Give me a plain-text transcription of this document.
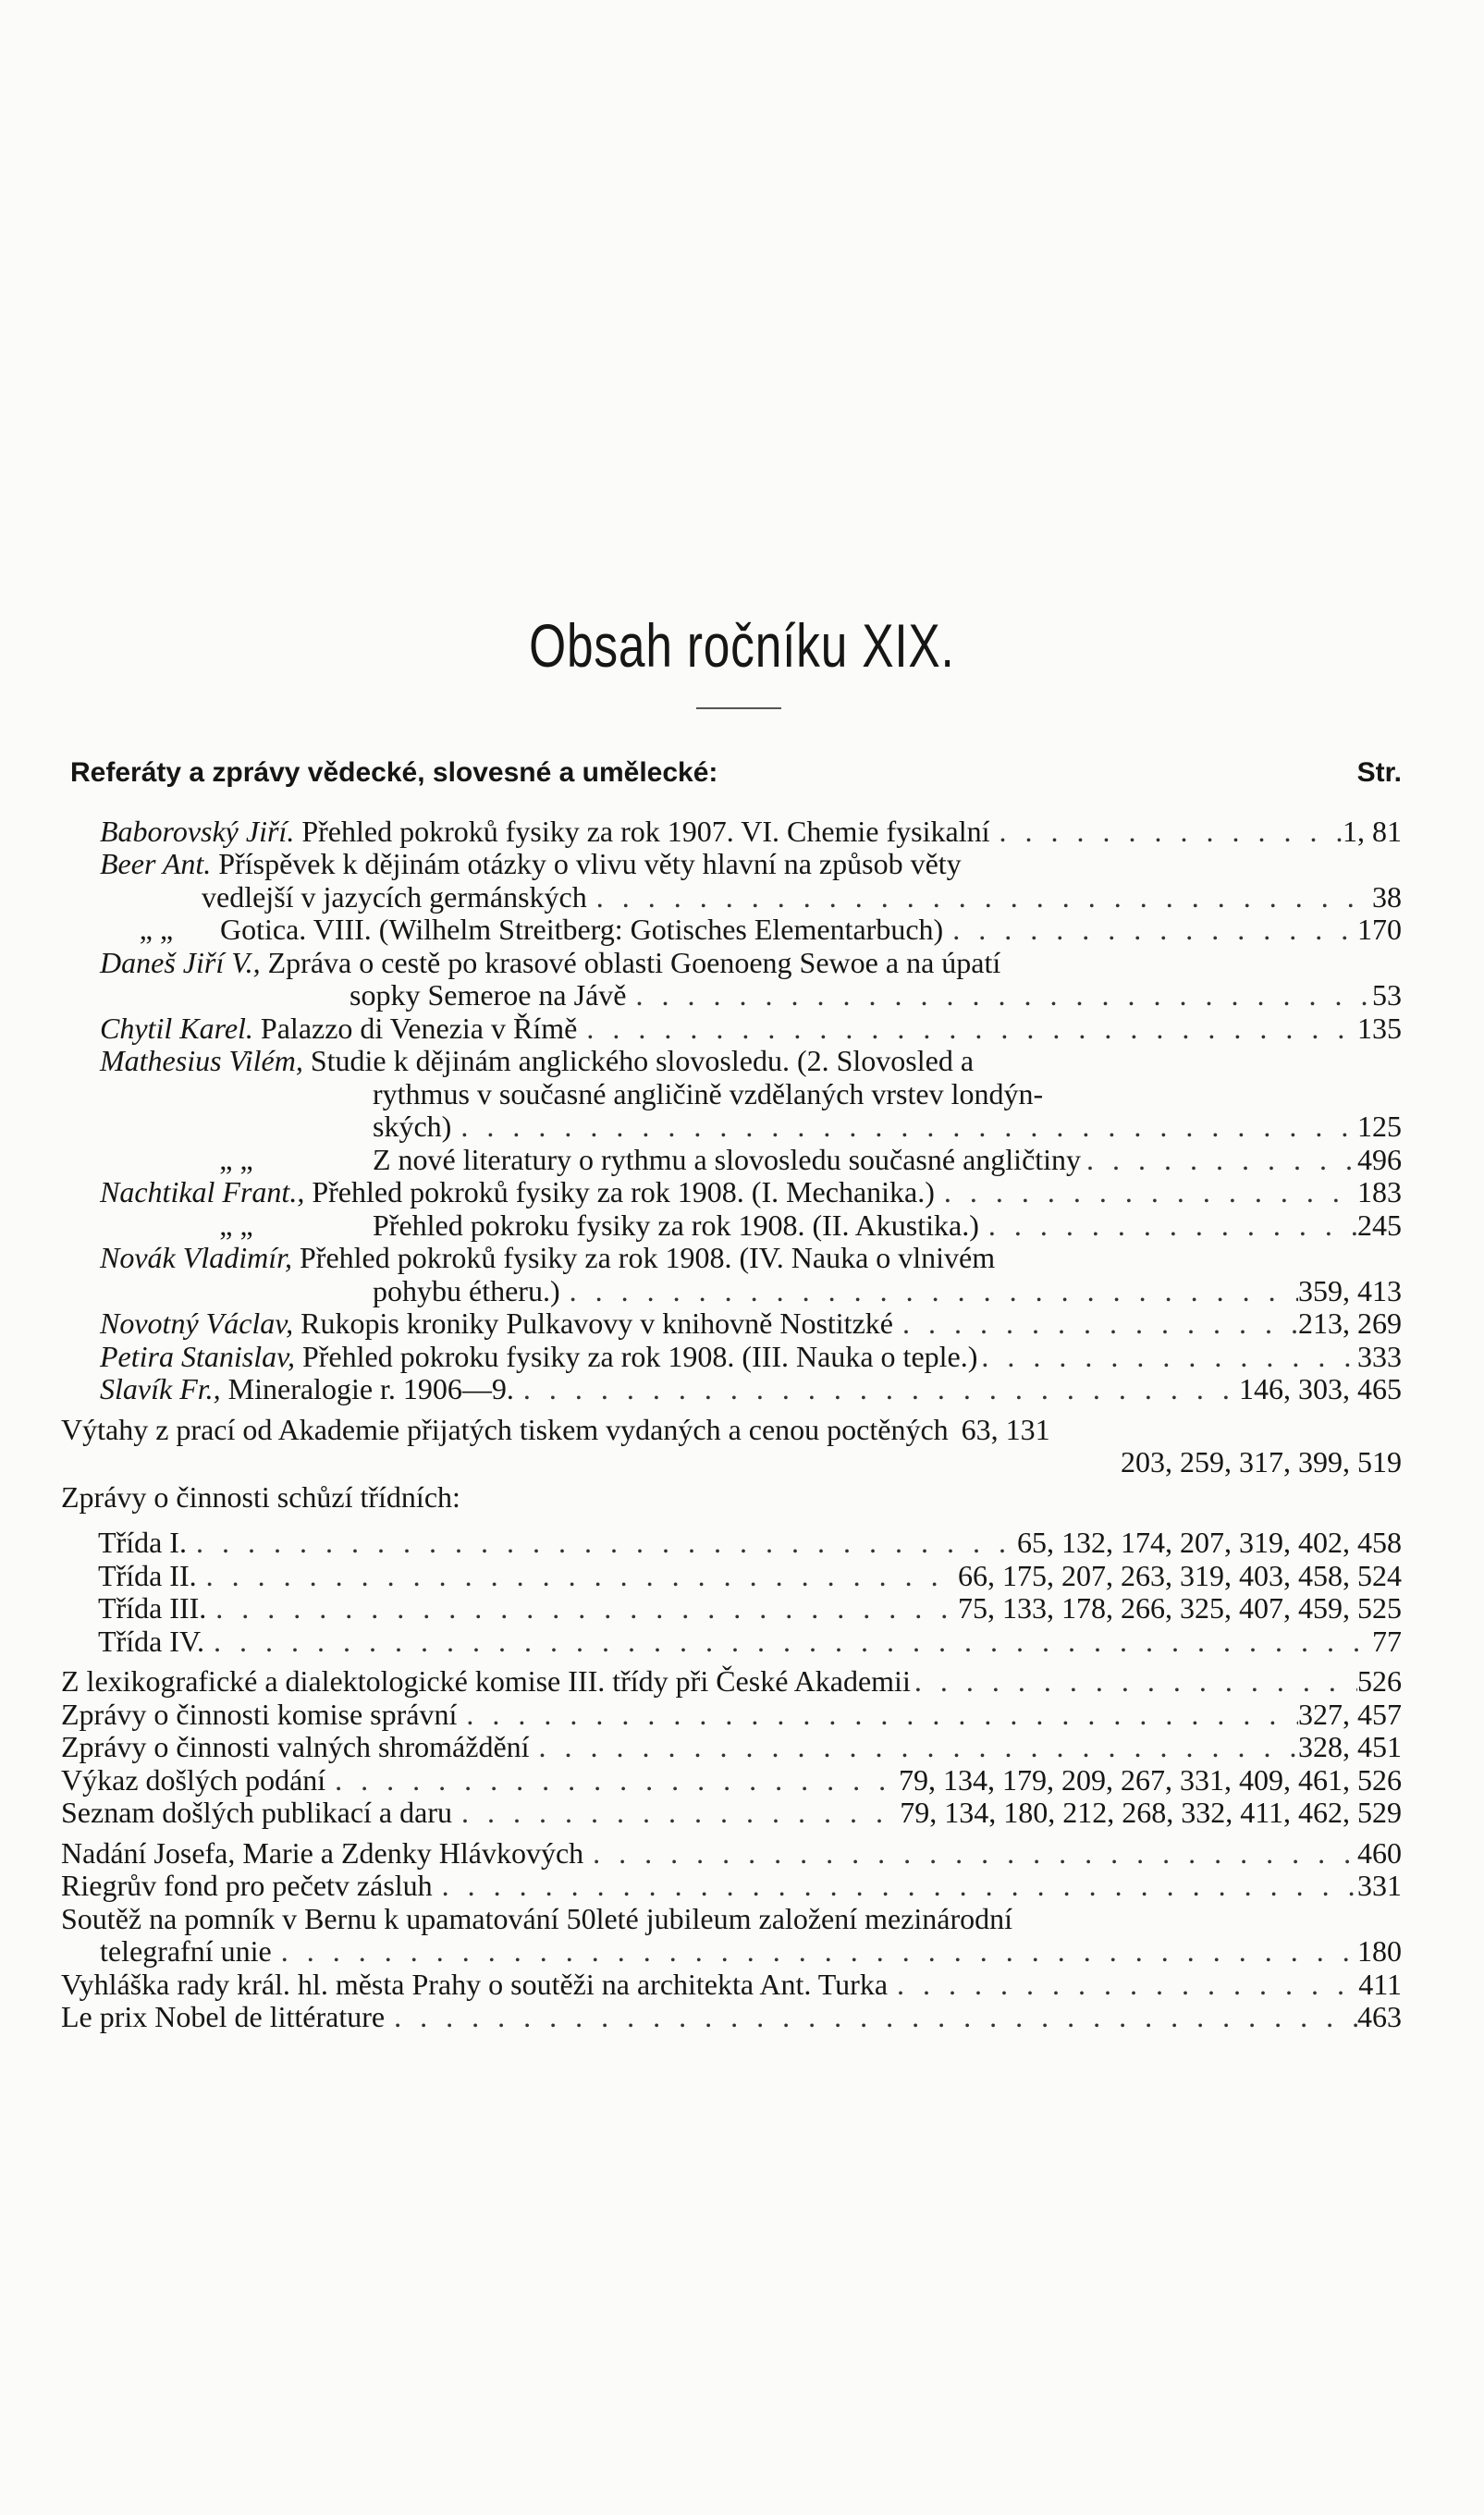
Obsah ročníku XIX.
Referáty a zprávy vědecké, slovesné a umělecké:	Str.
Baborovský Jiří. Přehled pokroků fysiky za rok 1907. VI. Chemie fysikalní . . .	1, 81
Beer Ant. Příspěvek k dějinám otázky o vlivu věty hlavní na způsob věty
vedlejší v jazycích germánských . . .	38
„ „ Gotica. VIII. (Wilhelm Streitberg: Gotisches Elementarbuch) . . .	170
Daneš Jiří V., Zpráva o cestě po krasové oblasti Goenoeng Sewoe a na úpatí
sopky Semeroe na Jávě . . .	53
Chytil Karel. Palazzo di Venezia v Římě . . .	135
Mathesius Vilém, Studie k dějinám anglického slovosledu. (2. Slovosled a
rythmus v současné angličině vzdělaných vrstev londýn-
ských) . . .	125
„ „	Z nové literatury o rythmu a slovosledu současné angličtiny . . .	496
Nachtikal Frant., Přehled pokroků fysiky za rok 1908. (I. Mechanika.) . . .	183
„ „	Přehled pokroku fysiky za rok 1908. (II. Akustika.) . . .	245
Novák Vladimír, Přehled pokroků fysiky za rok 1908. (IV. Nauka o vlnivém
pohybu étheru.) . . .	359, 413
Novotný Václav, Rukopis kroniky Pulkavovy v knihovně Nostitzké . . .	213, 269
Petira Stanislav, Přehled pokroku fysiky za rok 1908. (III. Nauka o teple.) . . .	333
Slavík Fr., Mineralogie r. 1906—9. . . .	146, 303, 465
Výtahy z prací od Akademie přijatých tiskem vydaných a cenou poctěných 63, 131
203, 259, 317, 399, 519
Zprávy o činnosti schůzí třídních:
Třída I. . . .	65, 132, 174, 207, 319, 402, 458
Třída II. . . .	66, 175, 207, 263, 319, 403, 458, 524
Třída III. . . .	75, 133, 178, 266, 325, 407, 459, 525
Třída IV. . . .	77
Z lexikografické a dialektologické komise III. třídy při České Akademii . . .	526
Zprávy o činnosti komise správní . . .	327, 457
Zprávy o činnosti valných shromáždění . . .	328, 451
Výkaz došlých podání . . .	79, 134, 179, 209, 267, 331, 409, 461, 526
Seznam došlých publikací a daru . . .	79, 134, 180, 212, 268, 332, 411, 462, 529
Nadání Josefa, Marie a Zdenky Hlávkových . . .	460
Riegrův fond pro pečetv zásluh . . .	331
Soutěž na pomník v Bernu k upamatování 50leté jubileum založení mezinárodní
telegrafní unie . . .	180
Vyhláška rady král. hl. města Prahy o soutěži na architekta Ant. Turka . . .	411
Le prix Nobel de littérature . . .	463
